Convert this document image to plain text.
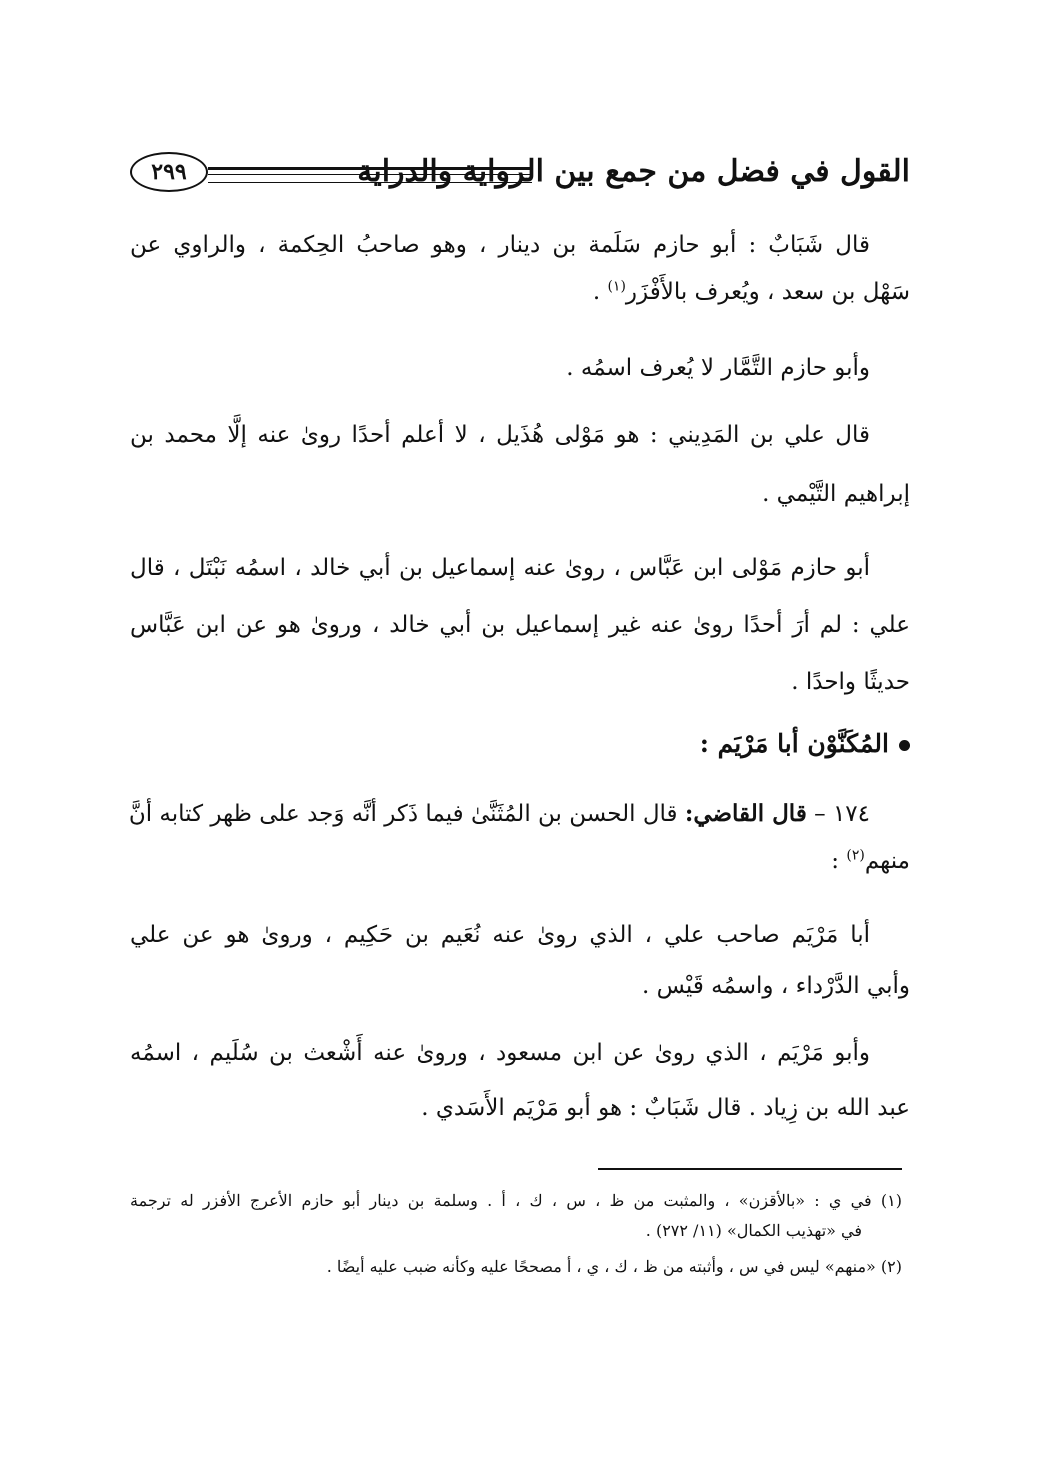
القول في فضل من جمع بين الرواية والدراية
٢٩٩
قال شَبَابٌ : أبو حازم سَلَمة بن دينار ، وهو صاحبُ الحِكمة ، والراوي عن
سَهْل بن سعد ، ويُعرف بالأَفْزَر$^{(١)}$ .
وأبو حازم التَّمَّار لا يُعرف اسمُه .
قال علي بن المَدِيني : هو مَوْلى هُذَيل ، لا أعلم أحدًا روىٰ عنه إلَّا محمد بن
إبراهيم التَّيْمي .
أبو حازم مَوْلى ابن عَبَّاس ، روىٰ عنه إسماعيل بن أبي خالد ، اسمُه نَبْتَل ، قال
علي : لم أرَ أحدًا روىٰ عنه غير إسماعيل بن أبي خالد ، وروىٰ هو عن ابن عَبَّاس
حديثًا واحدًا .
المُكَنَّوْن أبا مَرْيَم :
١٧٤ – قال القاضي: قال الحسن بن المُثَنَّىٰ فيما ذَكر أنَّه وَجد على ظهر كتابه أنَّ
منهم$^{(٢)}$ :
أبا مَرْيَم صاحب علي ، الذي روىٰ عنه نُعَيم بن حَكِيم ، وروىٰ هو عن علي
وأبي الدَّرْداء ، واسمُه قَيْس .
وأبو مَرْيَم ، الذي روىٰ عن ابن مسعود ، وروىٰ عنه أَشْعث بن سُلَيم ، اسمُه
عبد الله بن زِياد . قال شَبَابٌ : هو أبو مَرْيَم الأَسَدي .
(١) في ي : «بالأقزن» ، والمثبت من ظ ، س ، ك ، أ . وسلمة بن دينار أبو حازم الأعرج الأفزر له ترجمة
في «تهذيب الكمال» (١١/ ٢٧٢) .
(٢) «منهم» ليس في س ، وأثبته من ظ ، ك ، ي ، أ مصححًا عليه وكأنه ضبب عليه أيضًا .
